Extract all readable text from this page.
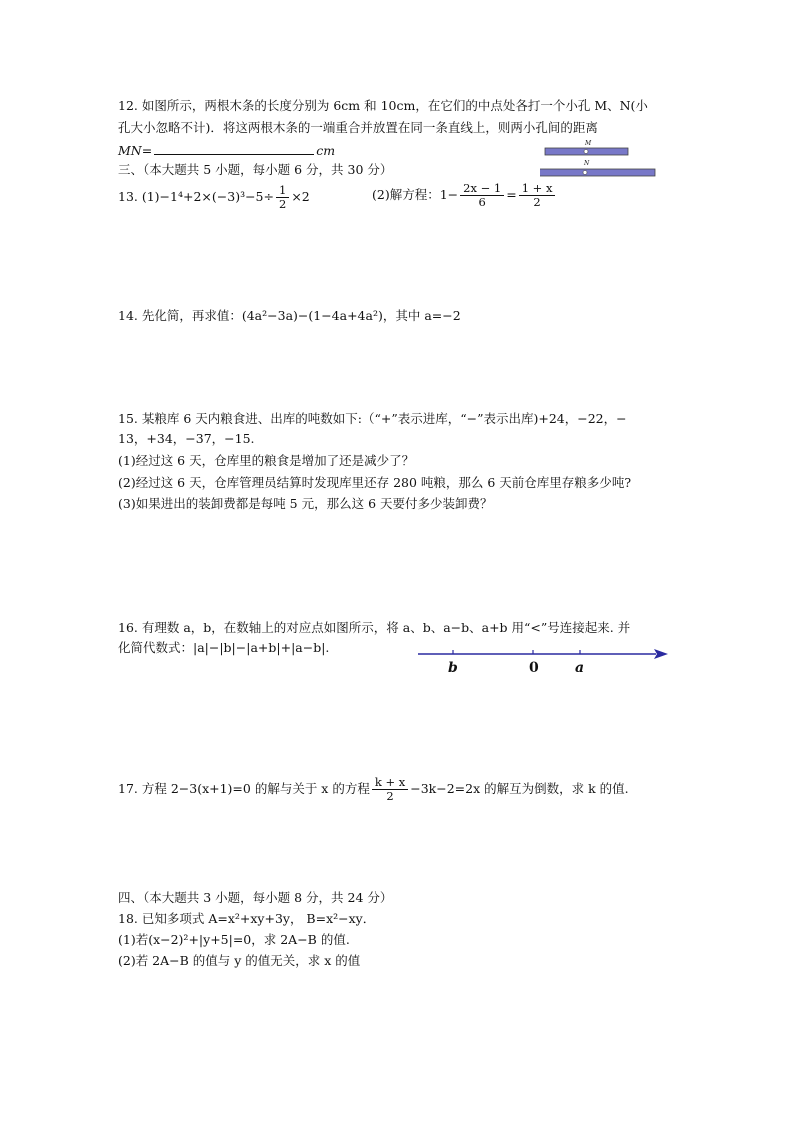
12. 如图所示，两根木条的长度分别为 6cm 和 10cm，在它们的中点处各打一个小孔 M、N(小
孔大小忽略不计)．将这两根木条的一端重合并放置在同一条直线上，则两小孔间的距离
MN=	cm	M
N
三、（本大题共 5 小题，每小题 6 分，共 30 分）
13. $(1)-1^4+2\times(-3)^3-5\div \frac{1}{2} \times 2$	(2)解方程：$1- \frac{2x - 1}{6} = \frac{1 + x}{2}$
14. 先化简，再求值：(4a²−3a)−(1−4a+4a²)，其中 a=−2
15. 某粮库 6 天内粮食进、出库的吨数如下:（“+”表示进库，“−”表示出库)+24，−22，−
13，+34，−37，−15.
(1)经过这 6 天，仓库里的粮食是增加了还是减少了？
(2)经过这 6 天，仓库管理员结算时发现库里还存 280 吨粮，那么 6 天前仓库里存粮多少吨?
(3)如果进出的装卸费都是每吨 5 元，那么这 6 天要付多少装卸费？
16. 有理数 a，b，在数轴上的对应点如图所示，将 a、b、a−b、a+b 用“<”号连接起来. 并
化简代数式：|a|−|b|−|a+b|+|a−b|.
b	0	a
17. 方程 2−3(x+1)=0 的解与关于 x 的方程 $\frac{k + x}{2} -3k-2=2x$ 的解互为倒数，求 k 的值.
四、（本大题共 3 小题，每小题 8 分，共 24 分）
18. 已知多项式 A=x²+xy+3y， B=x²−xy．
(1)若(x−2)²+|y+5|=0，求 2A−B 的值.
(2)若 2A−B 的值与 y 的值无关，求 x 的值
